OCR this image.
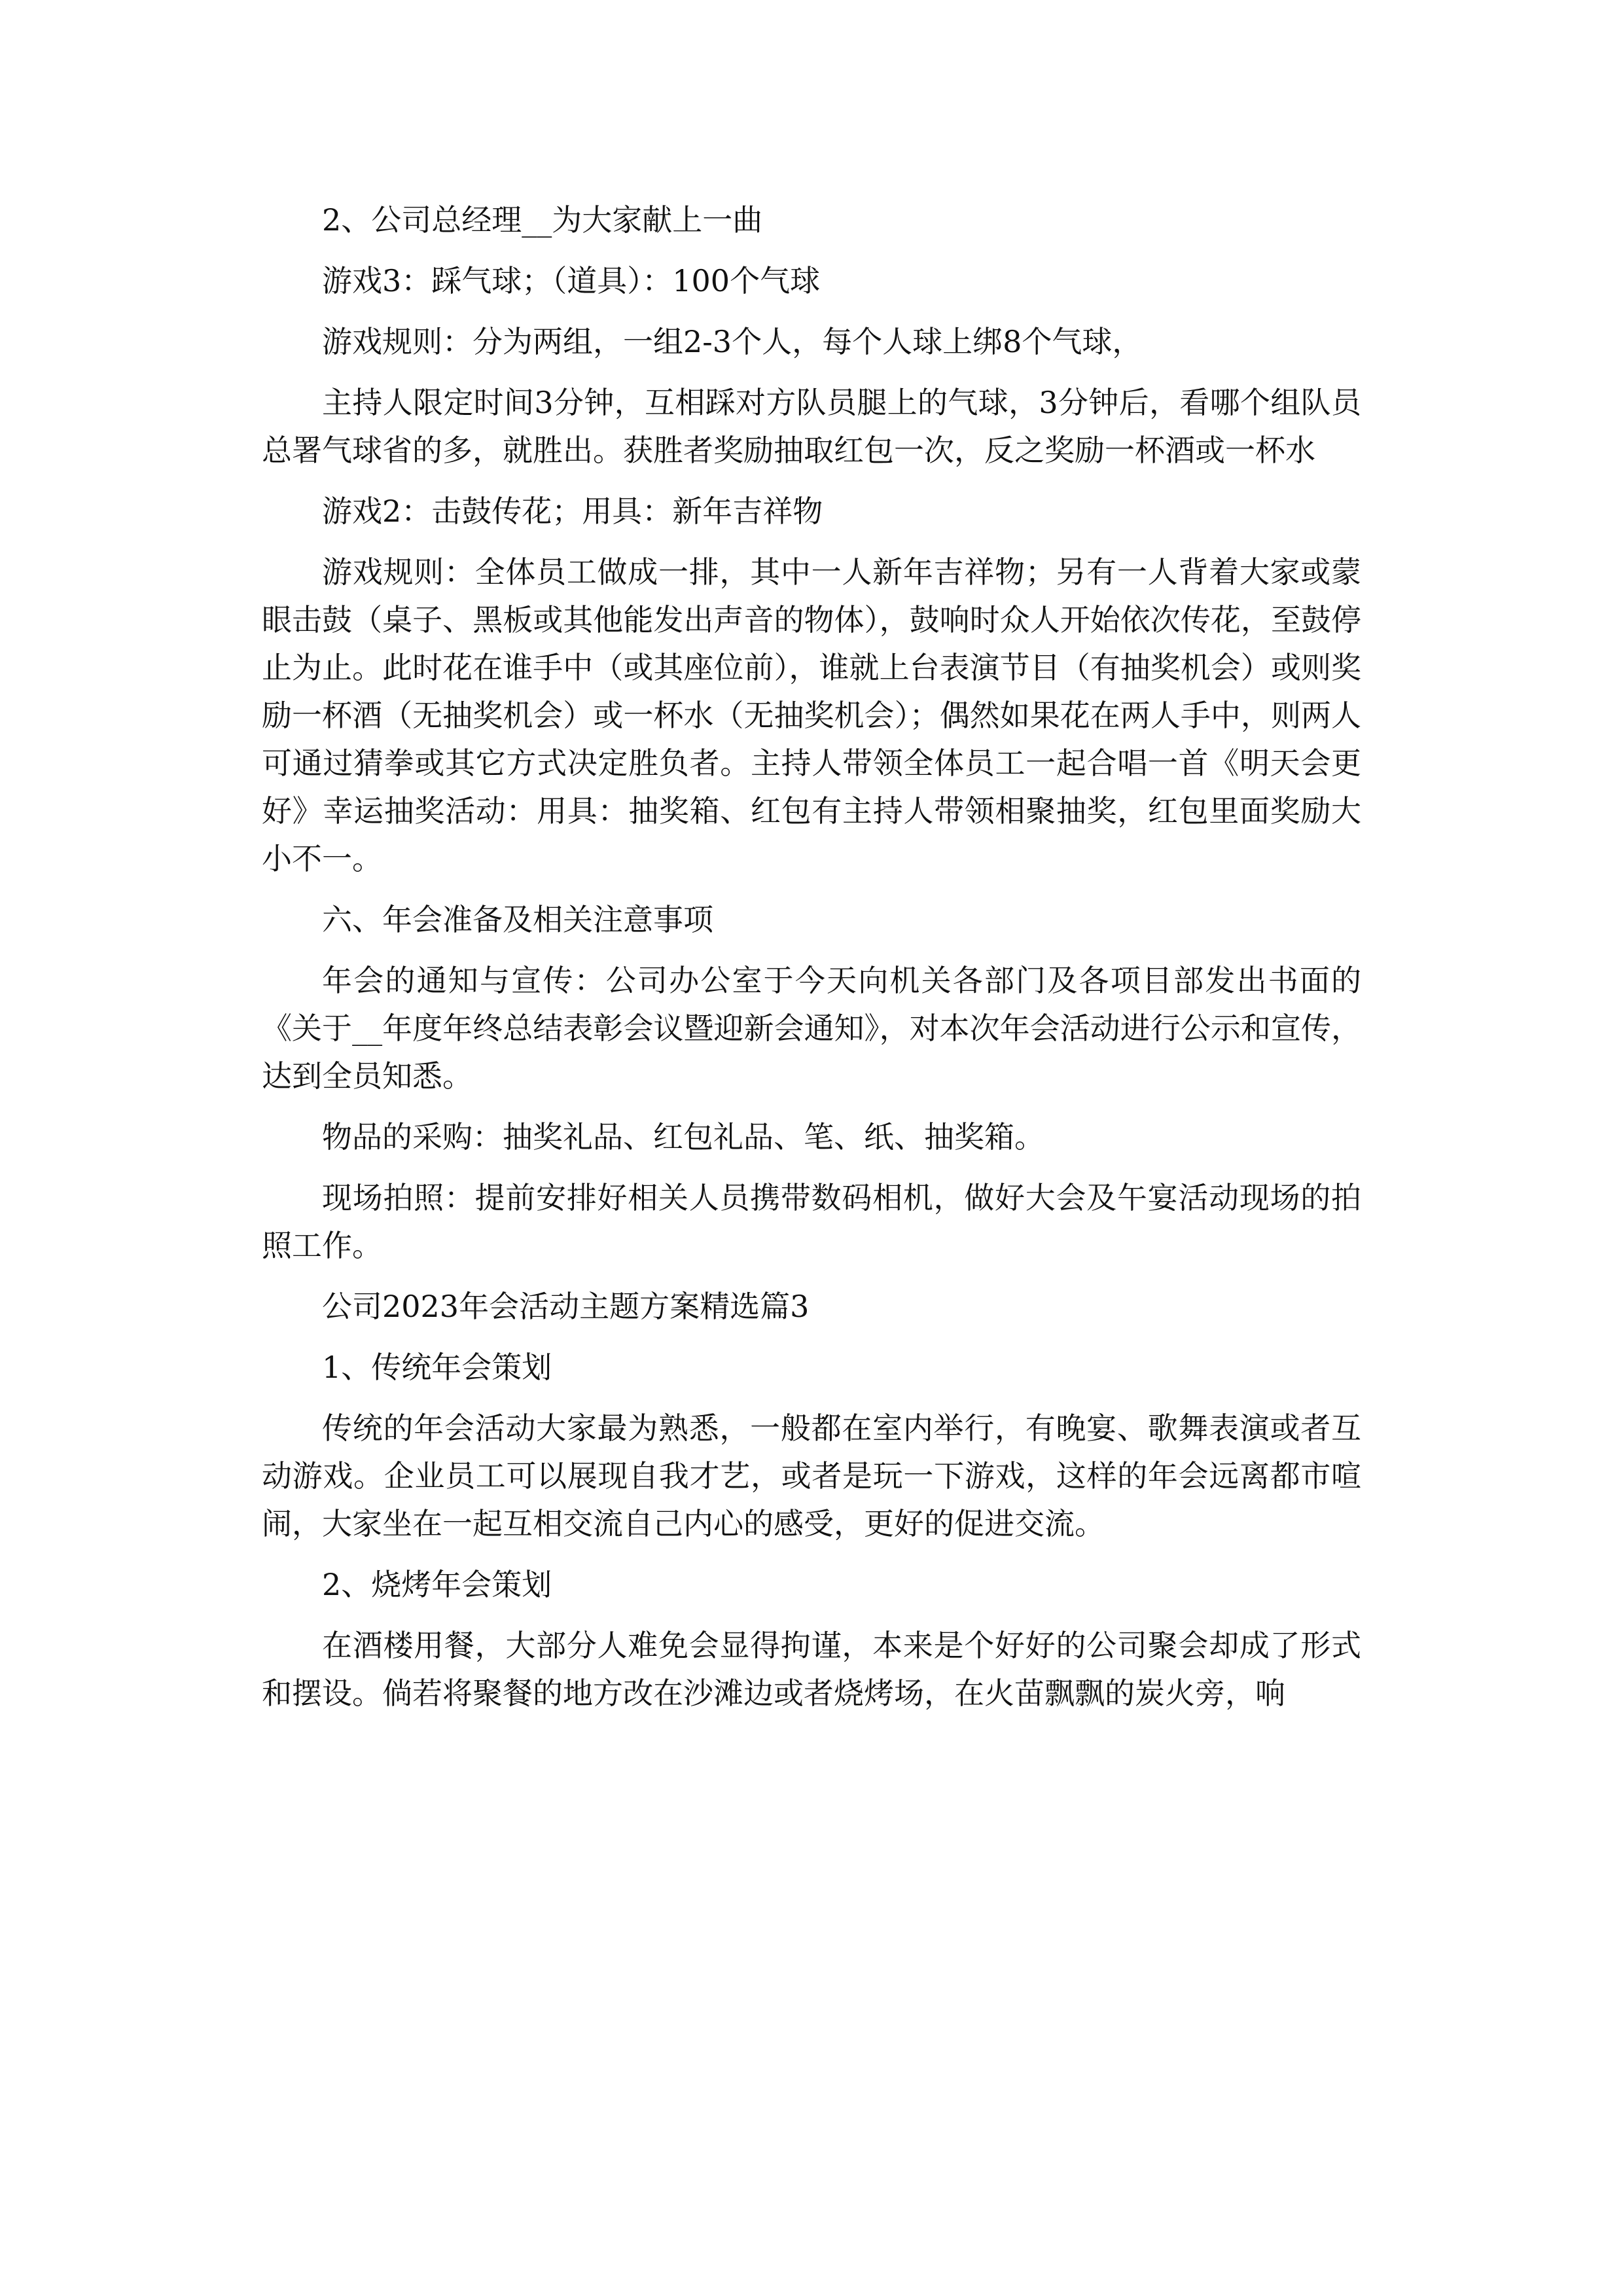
2、公司总经理__为大家献上一曲

游戏3：踩气球；（道具）：100个气球

游戏规则：分为两组，一组2-3个人，每个人球上绑8个气球，

主持人限定时间3分钟，互相踩对方队员腿上的气球，3分钟后，看哪个组队员总署气球省的多，就胜出。获胜者奖励抽取红包一次，反之奖励一杯酒或一杯水

游戏2：击鼓传花；用具：新年吉祥物

游戏规则：全体员工做成一排，其中一人新年吉祥物；另有一人背着大家或蒙眼击鼓（桌子、黑板或其他能发出声音的物体），鼓响时众人开始依次传花，至鼓停止为止。此时花在谁手中（或其座位前），谁就上台表演节目（有抽奖机会）或则奖励一杯酒（无抽奖机会）或一杯水（无抽奖机会）；偶然如果花在两人手中，则两人可通过猜拳或其它方式决定胜负者。主持人带领全体员工一起合唱一首《明天会更好》幸运抽奖活动：用具：抽奖箱、红包有主持人带领相聚抽奖，红包里面奖励大小不一。

六、年会准备及相关注意事项

年会的通知与宣传：公司办公室于今天向机关各部门及各项目部发出书面的《关于__年度年终总结表彰会议暨迎新会通知》，对本次年会活动进行公示和宣传，达到全员知悉。

物品的采购：抽奖礼品、红包礼品、笔、纸、抽奖箱。

现场拍照：提前安排好相关人员携带数码相机，做好大会及午宴活动现场的拍照工作。

公司2023年会活动主题方案精选篇3

1、传统年会策划

传统的年会活动大家最为熟悉，一般都在室内举行，有晚宴、歌舞表演或者互动游戏。企业员工可以展现自我才艺，或者是玩一下游戏，这样的年会远离都市喧闹，大家坐在一起互相交流自己内心的感受，更好的促进交流。

2、烧烤年会策划

在酒楼用餐，大部分人难免会显得拘谨，本来是个好好的公司聚会却成了形式和摆设。倘若将聚餐的地方改在沙滩边或者烧烤场，在火苗飘飘的炭火旁，响
